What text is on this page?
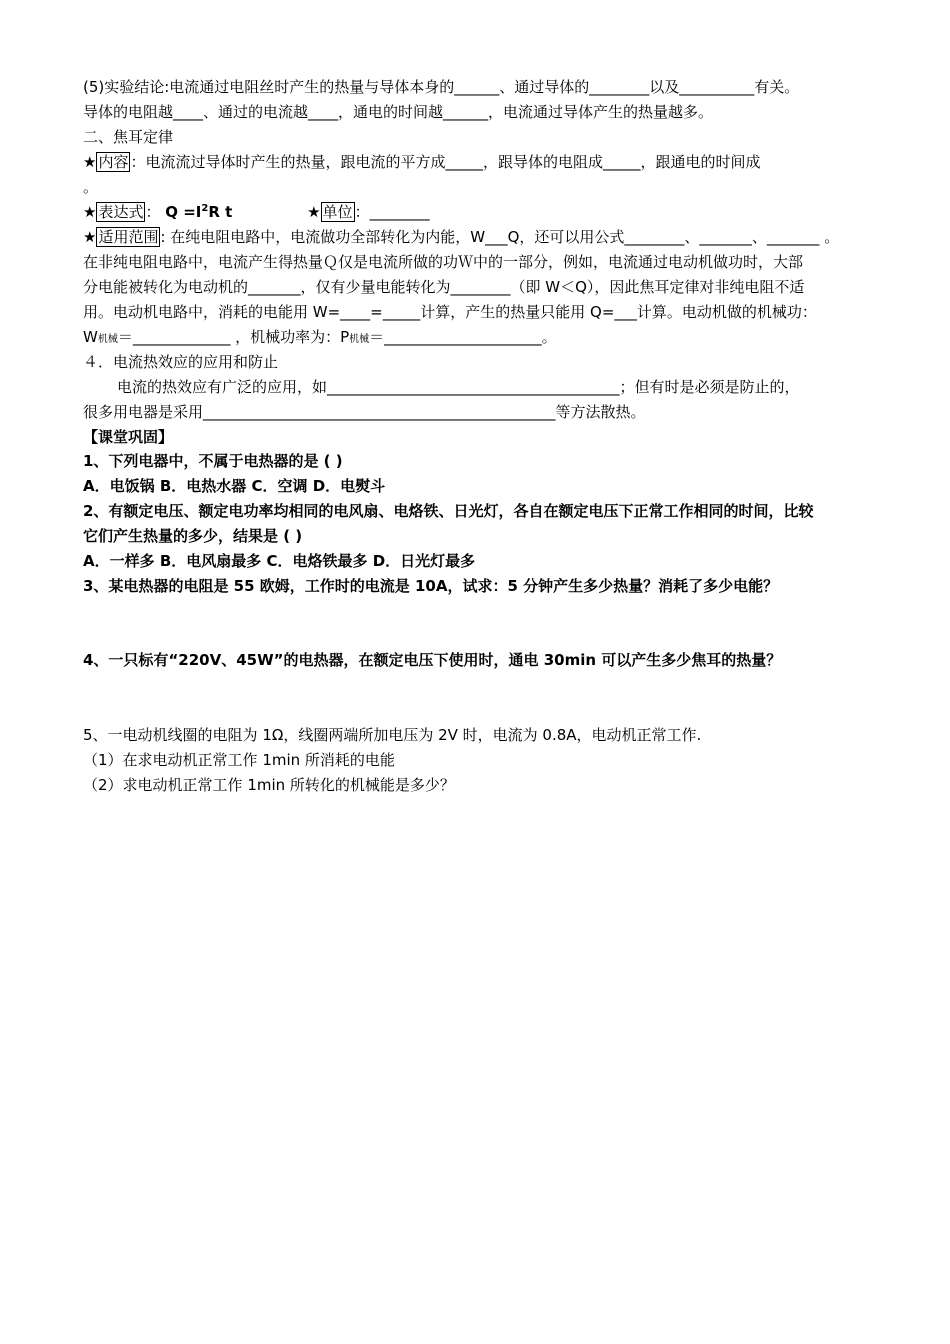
(5)实验结论:电流通过电阻丝时产生的热量与导体本身的______、通过导体的________以及__________有关。
导体的电阻越____、通过的电流越____，通电的时间越______，电流通过导体产生的热量越多。
二、焦耳定律
★ 内容 ：电流流过导体时产生的热量，跟电流的平方成_____，跟导体的电阻成_____，跟通电的时间成
。
★ 表达式 ： $Q =I^2R$ t	★ 单位 ：________
★ 适用范围 : 在纯电阻电路中，电流做功全部转化为内能，W___Q，还可以用公式________、_______、_______ 。
在非纯电阻电路中，电流产生得热量Ｑ仅是电流所做的功Ｗ中的一部分，例如，电流通过电动机做功时，大部
分电能被转化为电动机的_______，仅有少量电能转化为________（即 W＜Q），因此焦耳定律对非纯电阻不适
用。电动机电路中，消耗的电能用 W=____=_____计算，产生的热量只能用 Q=___计算。电动机做的机械功：
W机械＝_____________ ，机械功率为：P机械＝_____________________。
４．电流热效应的应用和防止
电流的热效应有广泛的应用，如_______________________________________；但有时是必须是防止的，
很多用电器是采用_______________________________________________等方法散热。
【课堂巩固】
1、下列电器中，不属于电热器的是 ( )
A．电饭锅 B．电热水器 C．空调 D．电熨斗
2、有额定电压、额定电功率均相同的电风扇、电烙铁、日光灯，各自在额定电压下正常工作相同的时间，比较
它们产生热量的多少，结果是 ( )
A．一样多 B．电风扇最多 C．电烙铁最多 D．日光灯最多
3、某电热器的电阻是 55 欧姆，工作时的电流是 10A，试求：5 分钟产生多少热量？消耗了多少电能？
4、一只标有“220V、45W”的电热器，在额定电压下使用时，通电 30min 可以产生多少焦耳的热量？
5、一电动机线圈的电阻为 1Ω，线圈两端所加电压为 2V 时，电流为 0.8A，电动机正常工作.
（1）在求电动机正常工作 1min 所消耗的电能
（2）求电动机正常工作 1min 所转化的机械能是多少？
